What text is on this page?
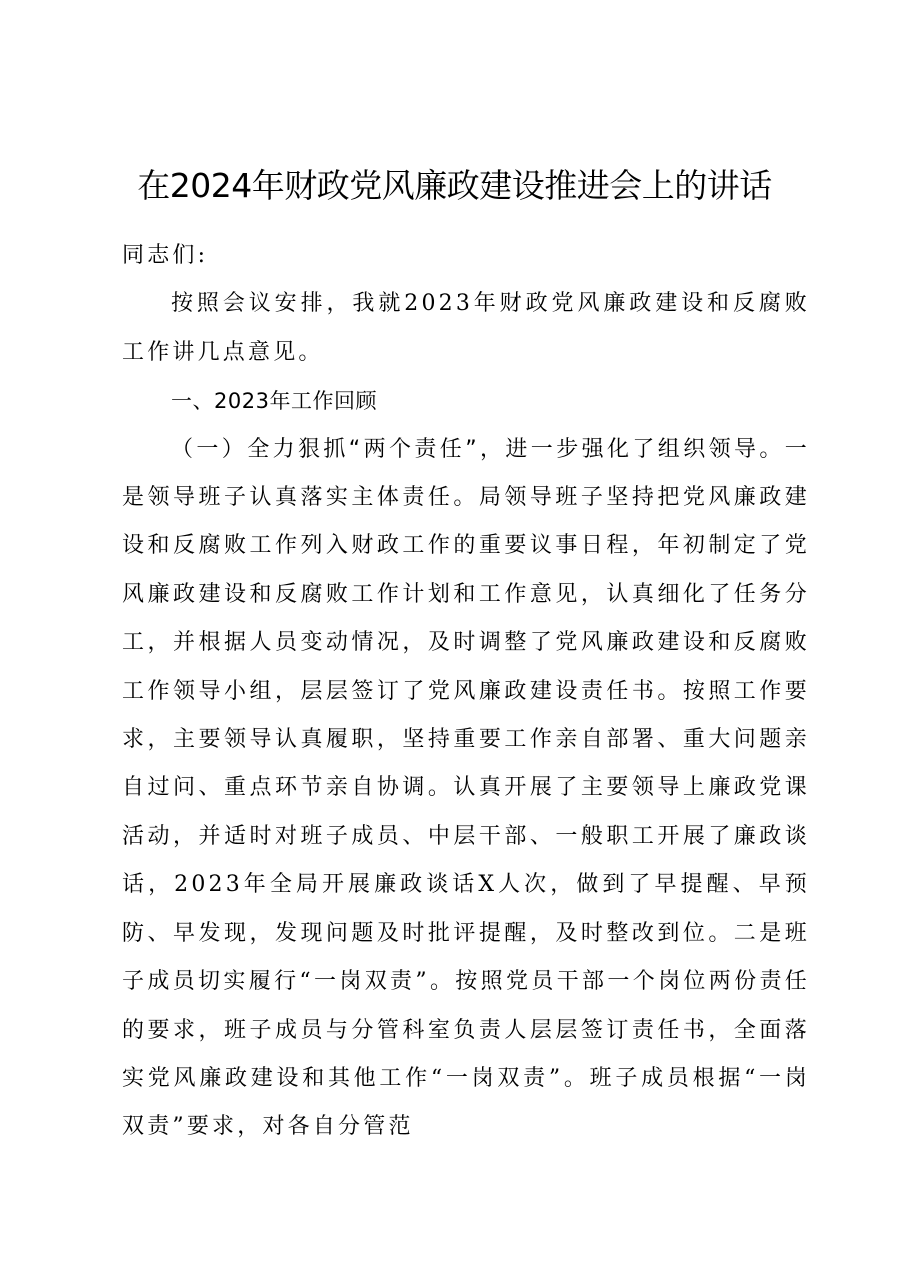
在2024年财政党风廉政建设推进会上的讲话

同志们:

按照会议安排，我就2023年财政党风廉政建设和反腐败工作讲几点意见。

一、2023年工作回顾

（一）全力狠抓“两个责任”，进一步强化了组织领导。一是领导班子认真落实主体责任。局领导班子坚持把党风廉政建设和反腐败工作列入财政工作的重要议事日程，年初制定了党风廉政建设和反腐败工作计划和工作意见，认真细化了任务分工，并根据人员变动情况，及时调整了党风廉政建设和反腐败工作领导小组，层层签订了党风廉政建设责任书。按照工作要求，主要领导认真履职，坚持重要工作亲自部署、重大问题亲自过问、重点环节亲自协调。认真开展了主要领导上廉政党课活动，并适时对班子成员、中层干部、一般职工开展了廉政谈话，2023年全局开展廉政谈话X人次，做到了早提醒、早预防、早发现，发现问题及时批评提醒，及时整改到位。二是班子成员切实履行“一岗双责”。按照党员干部一个岗位两份责任的要求，班子成员与分管科室负责人层层签订责任书，全面落实党风廉政建设和其他工作“一岗双责”。班子成员根据“一岗双责”要求，对各自分管范
